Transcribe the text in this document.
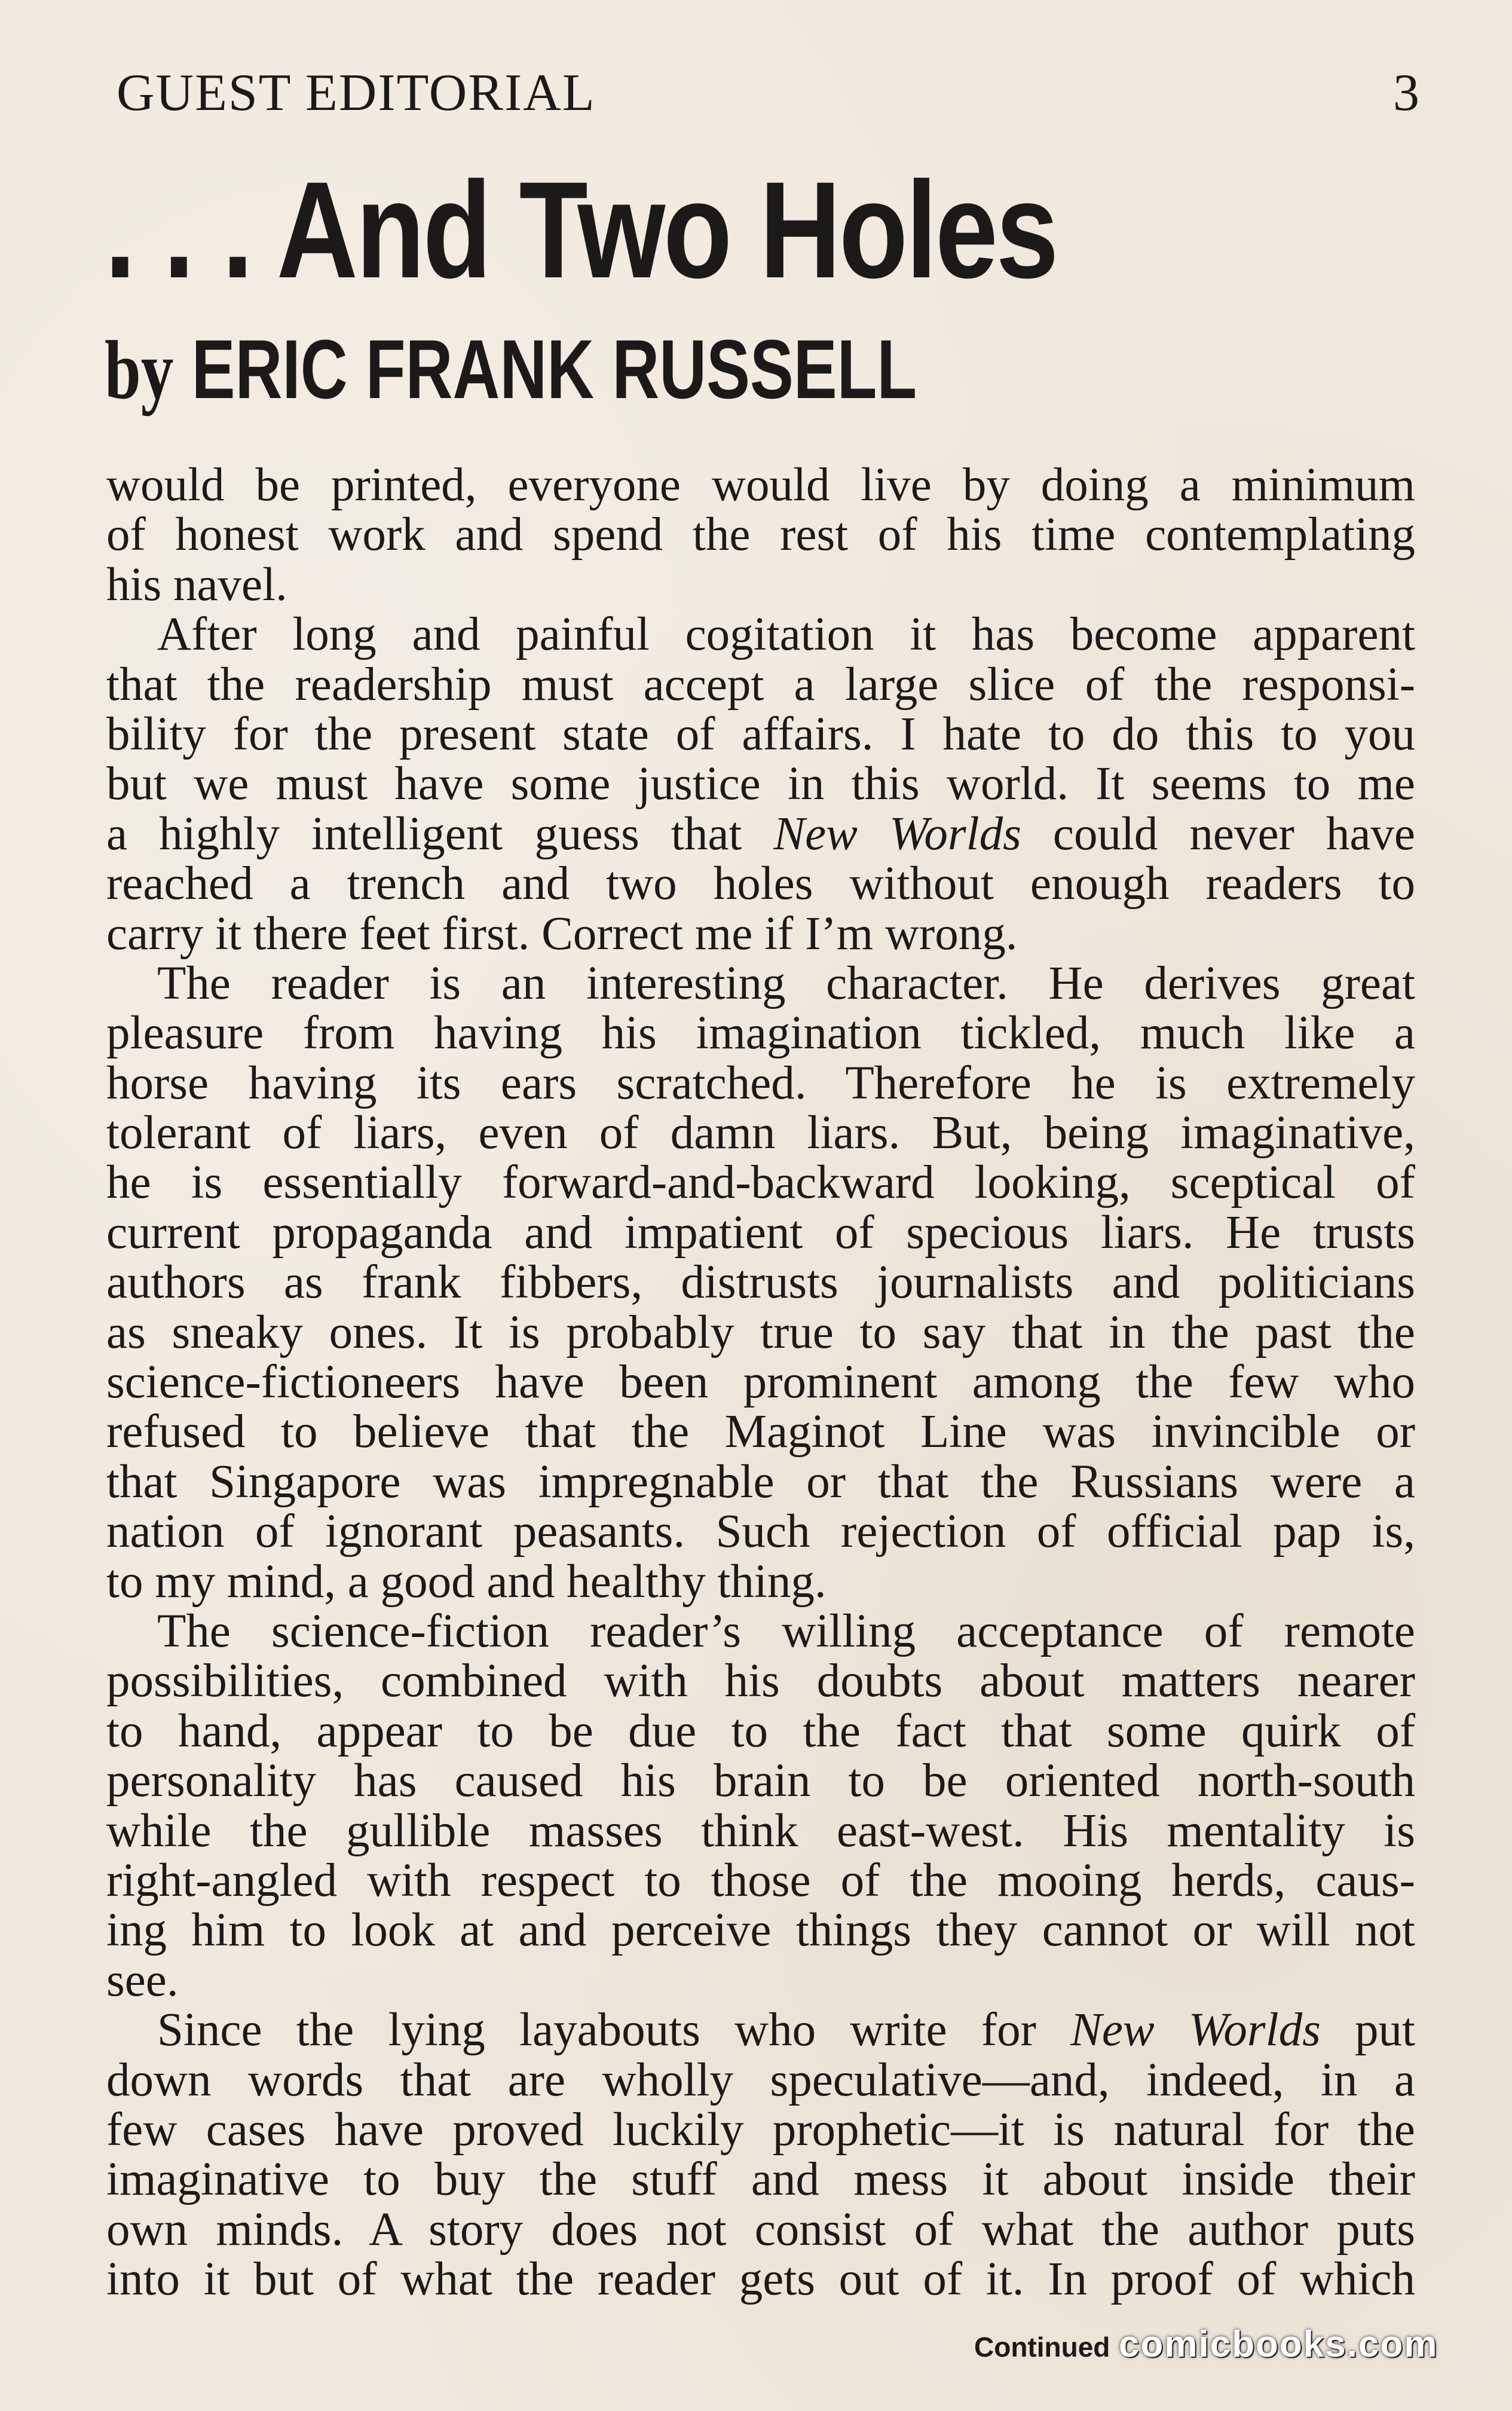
GUEST EDITORIAL	3
. . . And Two Holes
by ERIC FRANK RUSSELL
would be printed, everyone would live by doing a minimum
of honest work and spend the rest of his time contemplating
his navel.
After long and painful cogitation it has become apparent
that the readership must accept a large slice of the responsi-
bility for the present state of affairs. I hate to do this to you
but we must have some justice in this world. It seems to me
a highly intelligent guess that New Worlds could never have
reached a trench and two holes without enough readers to
carry it there feet first. Correct me if I’m wrong.
The reader is an interesting character. He derives great
pleasure from having his imagination tickled, much like a
horse having its ears scratched. Therefore he is extremely
tolerant of liars, even of damn liars. But, being imaginative,
he is essentially forward-and-backward looking, sceptical of
current propaganda and impatient of specious liars. He trusts
authors as frank fibbers, distrusts journalists and politicians
as sneaky ones. It is probably true to say that in the past the
science-fictioneers have been prominent among the few who
refused to believe that the Maginot Line was invincible or
that Singapore was impregnable or that the Russians were a
nation of ignorant peasants. Such rejection of official pap is,
to my mind, a good and healthy thing.
The science-fiction reader’s willing acceptance of remote
possibilities, combined with his doubts about matters nearer
to hand, appear to be due to the fact that some quirk of
personality has caused his brain to be oriented north-south
while the gullible masses think east-west. His mentality is
right-angled with respect to those of the mooing herds, caus-
ing him to look at and perceive things they cannot or will not
see.
Since the lying layabouts who write for New Worlds put
down words that are wholly speculative—and, indeed, in a
few cases have proved luckily prophetic—it is natural for the
imaginative to buy the stuff and mess it about inside their
own minds. A story does not consist of what the author puts
into it but of what the reader gets out of it. In proof of which
Continued comicbooks.com
